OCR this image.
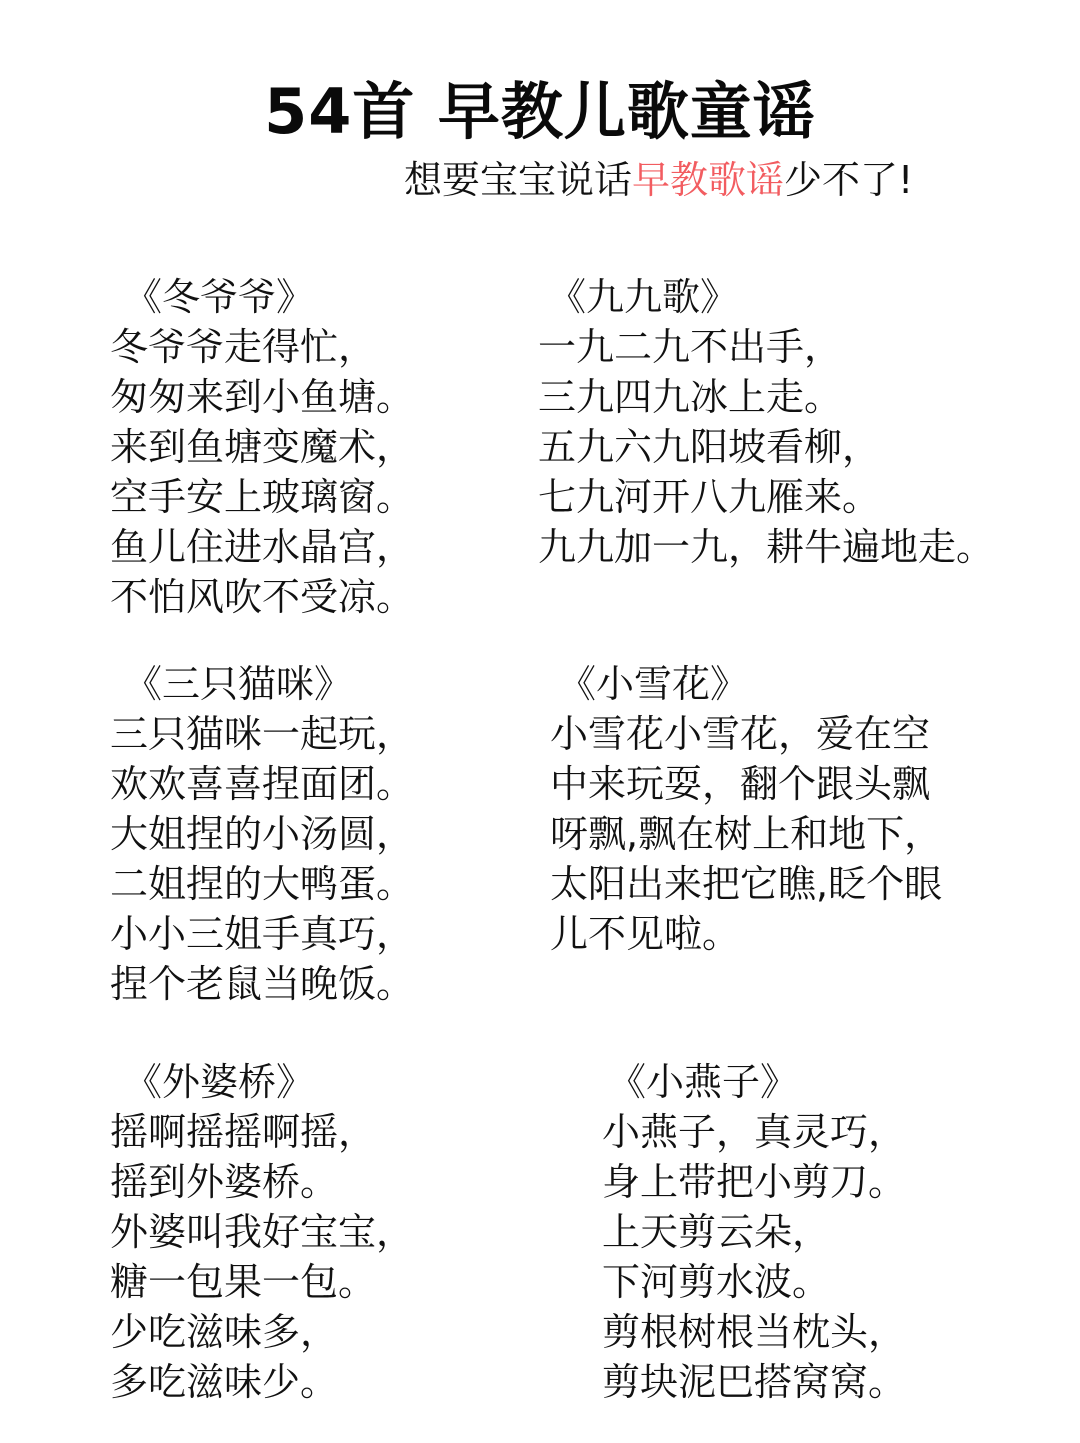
54首 早教儿歌童谣

想要宝宝说话早教歌谣少不了!

《冬爷爷》
冬爷爷走得忙，
匆匆来到小鱼塘。
来到鱼塘变魔术，
空手安上玻璃窗。
鱼儿住进水晶宫，
不怕风吹不受凉。
《九九歌》
一九二九不出手，
三九四九冰上走。
五九六九阳坡看柳，
七九河开八九雁来。
九九加一九，耕牛遍地走。
《三只猫咪》
三只猫咪一起玩，
欢欢喜喜捏面团。
大姐捏的小汤圆，
二姐捏的大鸭蛋。
小小三姐手真巧，
捏个老鼠当晚饭。
《小雪花》
小雪花小雪花，爱在空
中来玩耍，翻个跟头飘
呀飘,飘在树上和地下，
太阳出来把它瞧,眨个眼
儿不见啦。
《外婆桥》
摇啊摇摇啊摇，
摇到外婆桥。
外婆叫我好宝宝，
糖一包果一包。
少吃滋味多，
多吃滋味少。
《小燕子》
小燕子，真灵巧，
身上带把小剪刀。
上天剪云朵，
下河剪水波。
剪根树根当枕头，
剪块泥巴搭窝窝。
